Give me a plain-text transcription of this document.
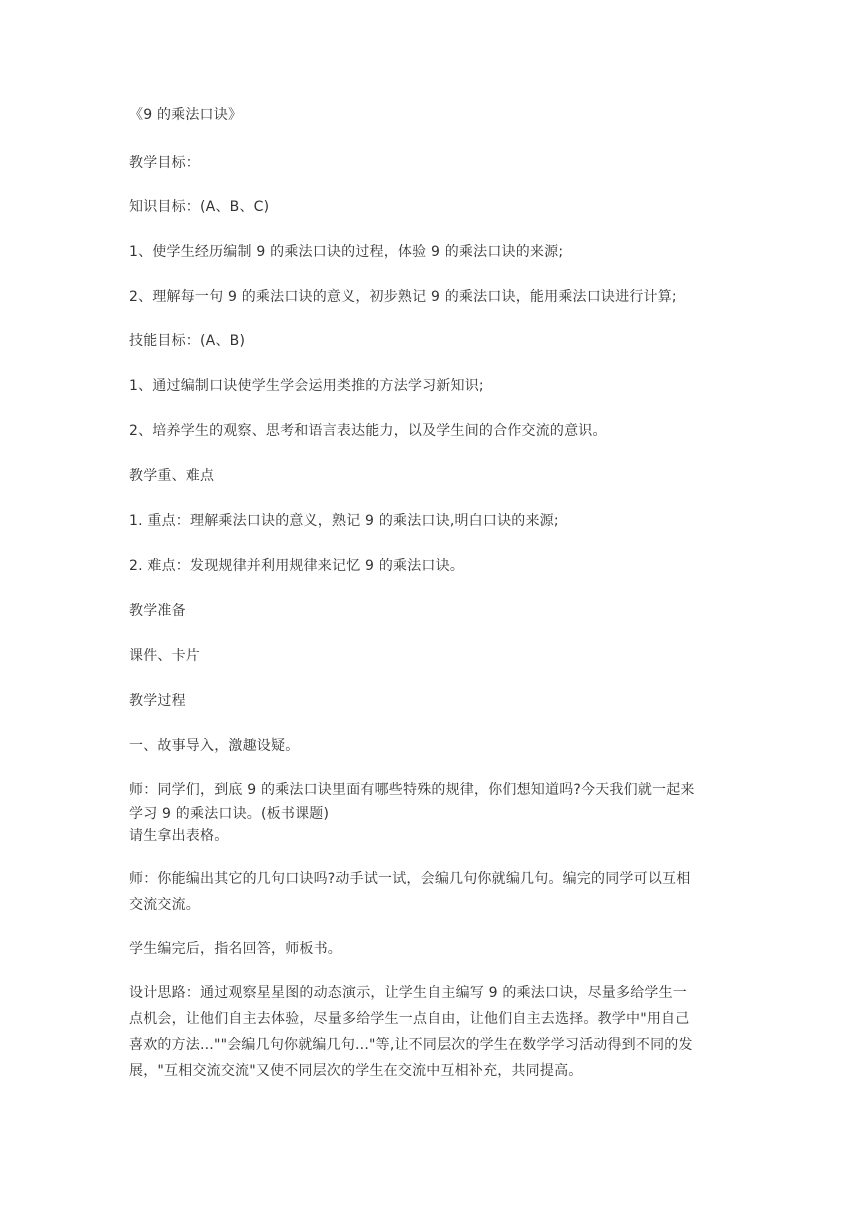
《9 的乘法口诀》

教学目标：

知识目标：(A、B、C)

1、使学生经历编制 9 的乘法口诀的过程，体验 9 的乘法口诀的来源;

2、理解每一句 9 的乘法口诀的意义，初步熟记 9 的乘法口诀，能用乘法口诀进行计算;

技能目标：(A、B)

1、通过编制口诀使学生学会运用类推的方法学习新知识;

2、培养学生的观察、思考和语言表达能力，以及学生间的合作交流的意识。

教学重、难点

1. 重点：理解乘法口诀的意义，熟记 9 的乘法口诀,明白口诀的来源;

2. 难点：发现规律并利用规律来记忆 9 的乘法口诀。

教学准备

课件、卡片

教学过程

一、故事导入，激趣设疑。

师：同学们，到底 9 的乘法口诀里面有哪些特殊的规律，你们想知道吗?今天我们就一起来
学习 9 的乘法口诀。(板书课题)
请生拿出表格。
师：你能编出其它的几句口诀吗?动手试一试，会编几句你就编几句。编完的同学可以互相
交流交流。

学生编完后，指名回答，师板书。

设计思路：通过观察星星图的动态演示，让学生自主编写 9 的乘法口诀，尽量多给学生一
点机会，让他们自主去体验，尽量多给学生一点自由，让他们自主去选择。教学中"用自己
喜欢的方法...""会编几句你就编几句..."等,让不同层次的学生在数学学习活动得到不同的发
展，"互相交流交流"又使不同层次的学生在交流中互相补充，共同提高。
